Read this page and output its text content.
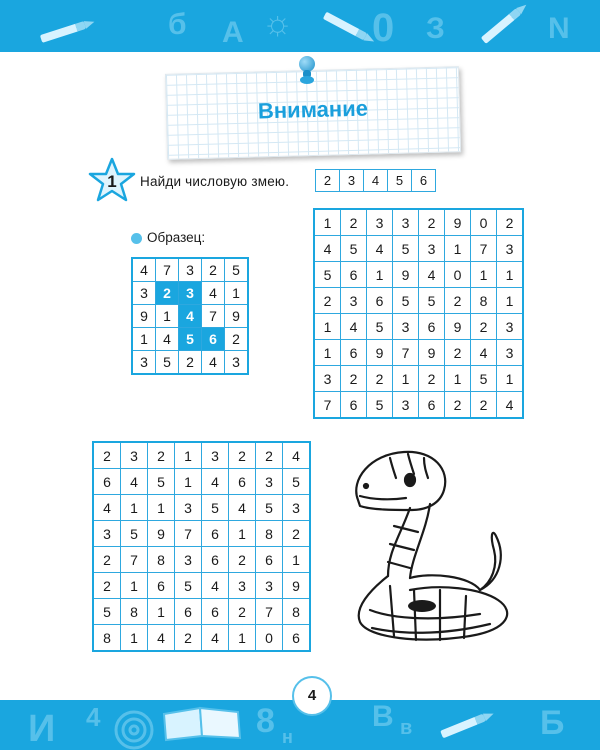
б A ☼ 0 З	N
Внимание
1	Найди числовую змею.	2	3	4	5	6
Образец:
4	7	3	2	5
3	2	3	4	1
9	1	4	7	9
1	4	5	6	2
3	5	2	4	3
1	2	3	3	2	9	0	2
4	5	4	5	3	1	7	3
5	6	1	9	4	0	1	1
2	3	6	5	5	2	8	1
1	4	5	3	6	9	2	3
1	6	9	7	9	2	4	3
3	2	2	1	2	1	5	1
7	6	5	3	6	2	2	4
2	3	2	1	3	2	2	4
6	4	5	1	4	6	3	5
4	1	1	3	5	4	5	3
3	5	9	7	6	1	8	2
2	7	8	3	6	2	6	1
2	1	6	5	4	3	3	9
5	8	1	6	6	2	7	8
8	1	4	2	4	1	0	6
И 4	8 н
В в	Б
4
